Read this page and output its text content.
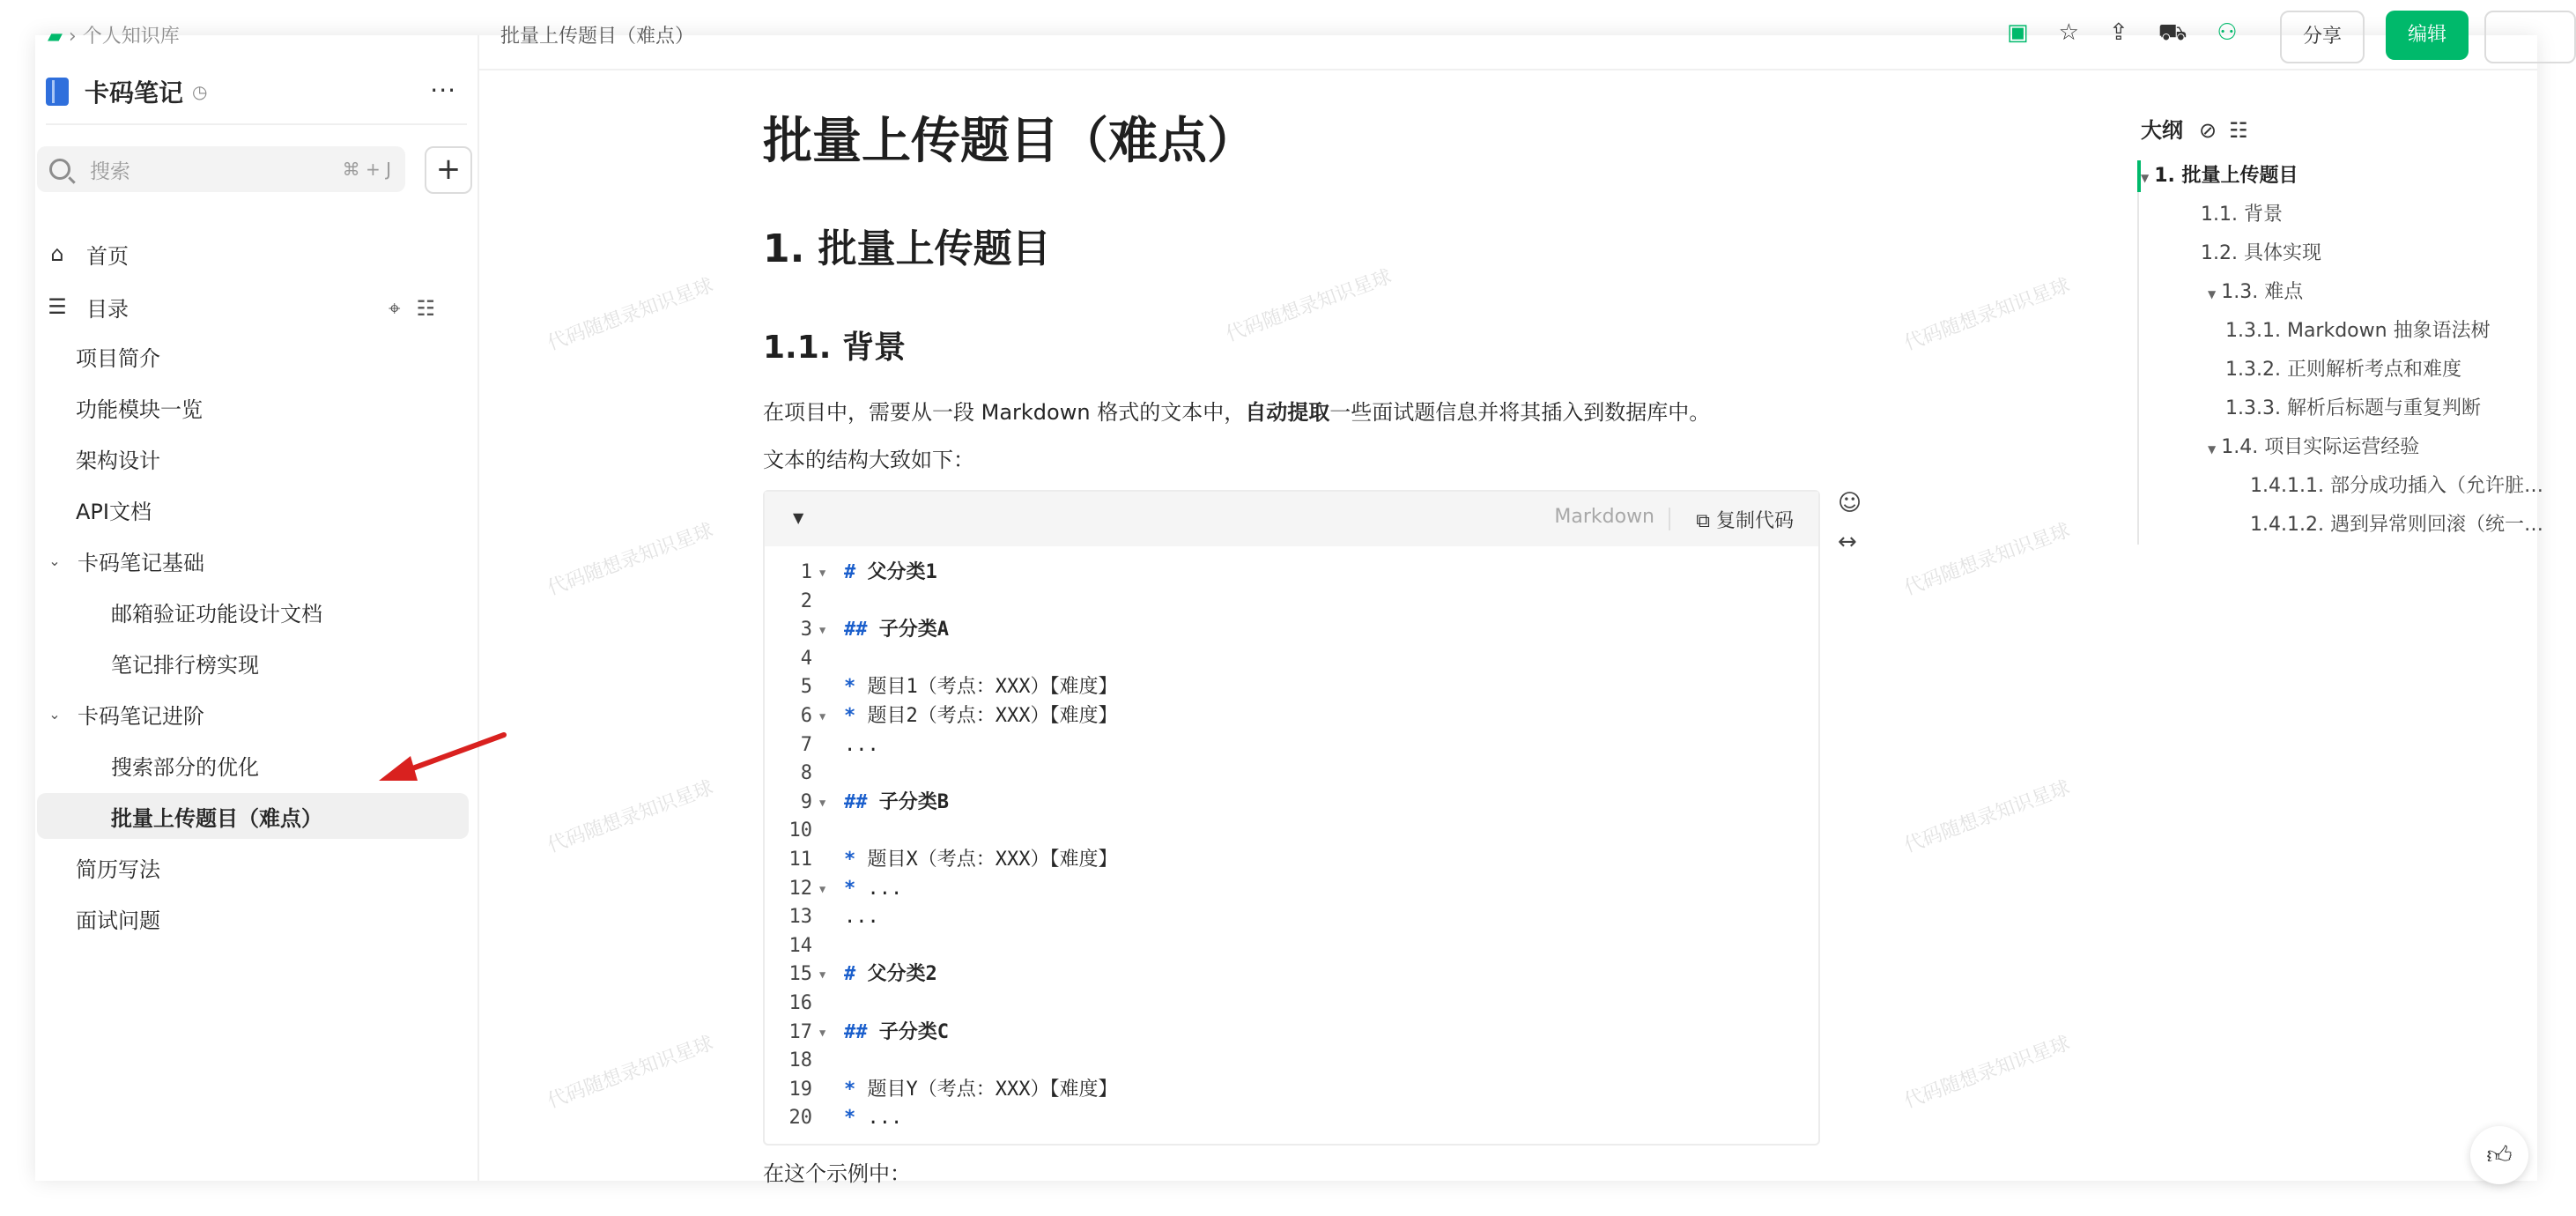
▰ › 个人知识库
卡码笔记 ◷	···
搜索	⌘ + J	+
⌂ 首页
☰ 目录	⌖☷
项目简介
功能模块一览
架构设计
API文档
⌄ 卡码笔记基础
邮箱验证功能设计文档
笔记排行榜实现
⌄ 卡码笔记进阶
搜索部分的优化
批量上传题目（难点）
简历写法
面试问题
批量上传题目（难点）	▣☆⇪⛟⚇	分享	编辑
代码随想录知识星球	代码随想录知识星球	代码随想录知识星球
代码随想录知识星球	代码随想录知识星球
代码随想录知识星球	代码随想录知识星球
代码随想录知识星球	代码随想录知识星球
批量上传题目（难点）
1. 批量上传题目
1.1. 背景
在项目中，需要从一段 Markdown 格式的文本中，自动提取一些面试题信息并将其插入到数据库中。
文本的结构大致如下：
▼	Markdown ⧉ 复制代码
1 ▼ # 父分类1
2
3 ▼ ## 子分类A
4
5 * 题目1（考点：XXX）【难度】
6 ▼ * 题目2（考点：XXX）【难度】
7 ...
8
9 ▼ ## 子分类B
10
11 * 题目X（考点：XXX）【难度】
12 ▼ * ...
13 ...
14
15 ▼ # 父分类2
16
17 ▼ ## 子分类C
18
19 * 题目Y（考点：XXX）【难度】
20 * ...
在这个示例中：
☺
↔
大纲 ⊘☷
▼ 1. 批量上传题目
1.1. 背景
1.2. 具体实现
▼ 1.3. 难点
1.3.1. Markdown 抽象语法树
1.3.2. 正则解析考点和难度
1.3.3. 解析后标题与重复判断
▼ 1.4. 项目实际运营经验
1.4.1.1. 部分成功插入（允许脏…
1.4.1.2. 遇到异常则回滚（统一…
👍︎
